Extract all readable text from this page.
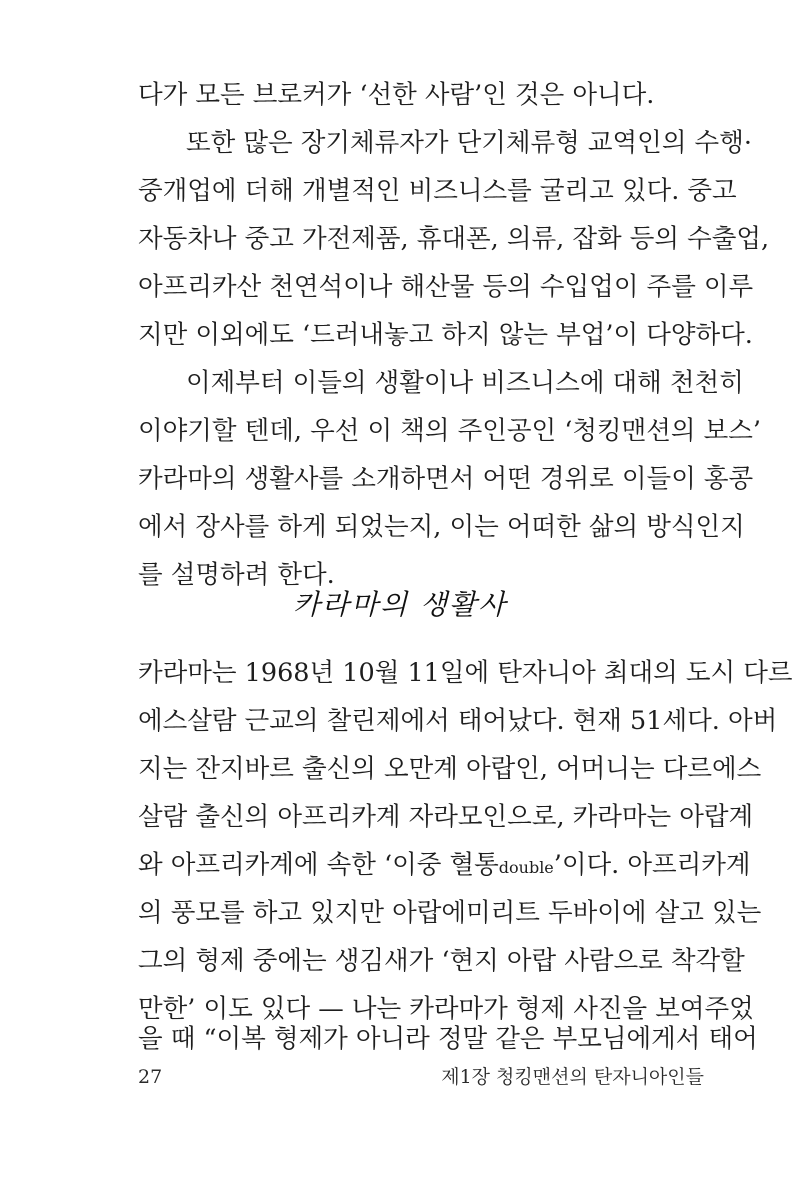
다가 모든 브로커가 ‘선한 사람’인 것은 아니다.
또한 많은 장기체류자가 단기체류형 교역인의 수행·
중개업에 더해 개별적인 비즈니스를 굴리고 있다. 중고
자동차나 중고 가전제품, 휴대폰, 의류, 잡화 등의 수출업,
아프리카산 천연석이나 해산물 등의 수입업이 주를 이루
지만 이외에도 ‘드러내놓고 하지 않는 부업’이 다양하다.
이제부터 이들의 생활이나 비즈니스에 대해 천천히
이야기할 텐데, 우선 이 책의 주인공인 ‘청킹맨션의 보스’
카라마의 생활사를 소개하면서 어떤 경위로 이들이 홍콩
에서 장사를 하게 되었는지, 이는 어떠한 삶의 방식인지
를 설명하려 한다.
카라마의 생활사
카라마는 1968년 10월 11일에 탄자니아 최대의 도시 다르
에스살람 근교의 찰린제에서 태어났다. 현재 51세다. 아버
지는 잔지바르 출신의 오만계 아랍인, 어머니는 다르에스
살람 출신의 아프리카계 자라모인으로, 카라마는 아랍계
와 아프리카계에 속한 ‘이중 혈통double’이다. 아프리카계
의 풍모를 하고 있지만 아랍에미리트 두바이에 살고 있는
그의 형제 중에는 생김새가 ‘현지 아랍 사람으로 착각할
만한’ 이도 있다 — 나는 카라마가 형제 사진을 보여주었
27	제1장 청킹맨션의 탄자니아인들
을 때 “이복 형제가 아니라 정말 같은 부모님에게서 태어
